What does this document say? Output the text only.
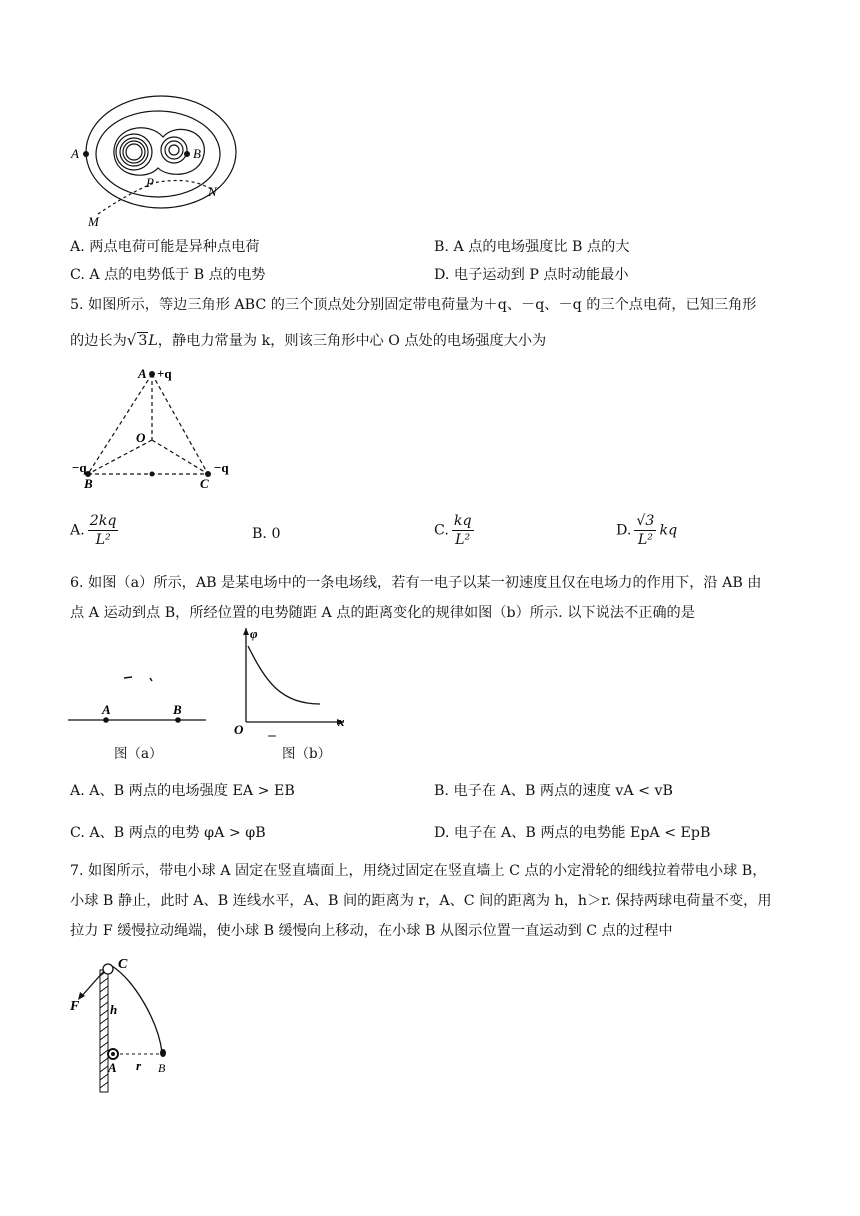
A	B
P
N
M
A. 两点电荷可能是异种点电荷	B. A 点的电场强度比 B 点的大
C. A 点的电势低于 B 点的电势	D. 电子运动到 P 点时动能最小
5. 如图所示，等边三角形 ABC 的三个顶点处分别固定带电荷量为＋q、－q、－q 的三个点电荷，已知三角形
的边长为√ 3L，静电力常量为 k，则该三角形中心 O 点处的电场强度大小为
A +q
O
−q
B	C
−q
A. $\frac{2kq}{\text{L²}}$	B. 0	C. $\frac{kq}{\text{L²}}$	D. $\frac{√3}{\text{L²}}$ kq
6. 如图（a）所示，AB 是某电场中的一条电场线，若有一电子以某一初速度且仅在电场力的作用下，沿 AB 由
点 A 运动到点 B，所经位置的电势随距 A 点的距离变化的规律如图（b）所示. 以下说法不正确的是
A	B
图（a）
φ
O
x
图（b）
A. A、B 两点的电场强度 EA > EB	B. 电子在 A、B 两点的速度 vA < vB
C. A、B 两点的电势 φA > φB	D. 电子在 A、B 两点的电势能 EpA < EpB
7. 如图所示，带电小球 A 固定在竖直墙面上，用绕过固定在竖直墙上 C 点的小定滑轮的细线拉着带电小球 B，
小球 B 静止，此时 A、B 连线水平，A、B 间的距离为 r，A、C 间的距离为 h，h＞r. 保持两球电荷量不变，用
拉力 F 缓慢拉动绳端，使小球 B 缓慢向上移动，在小球 B 从图示位置一直运动到 C 点的过程中
C
F h
A r B
